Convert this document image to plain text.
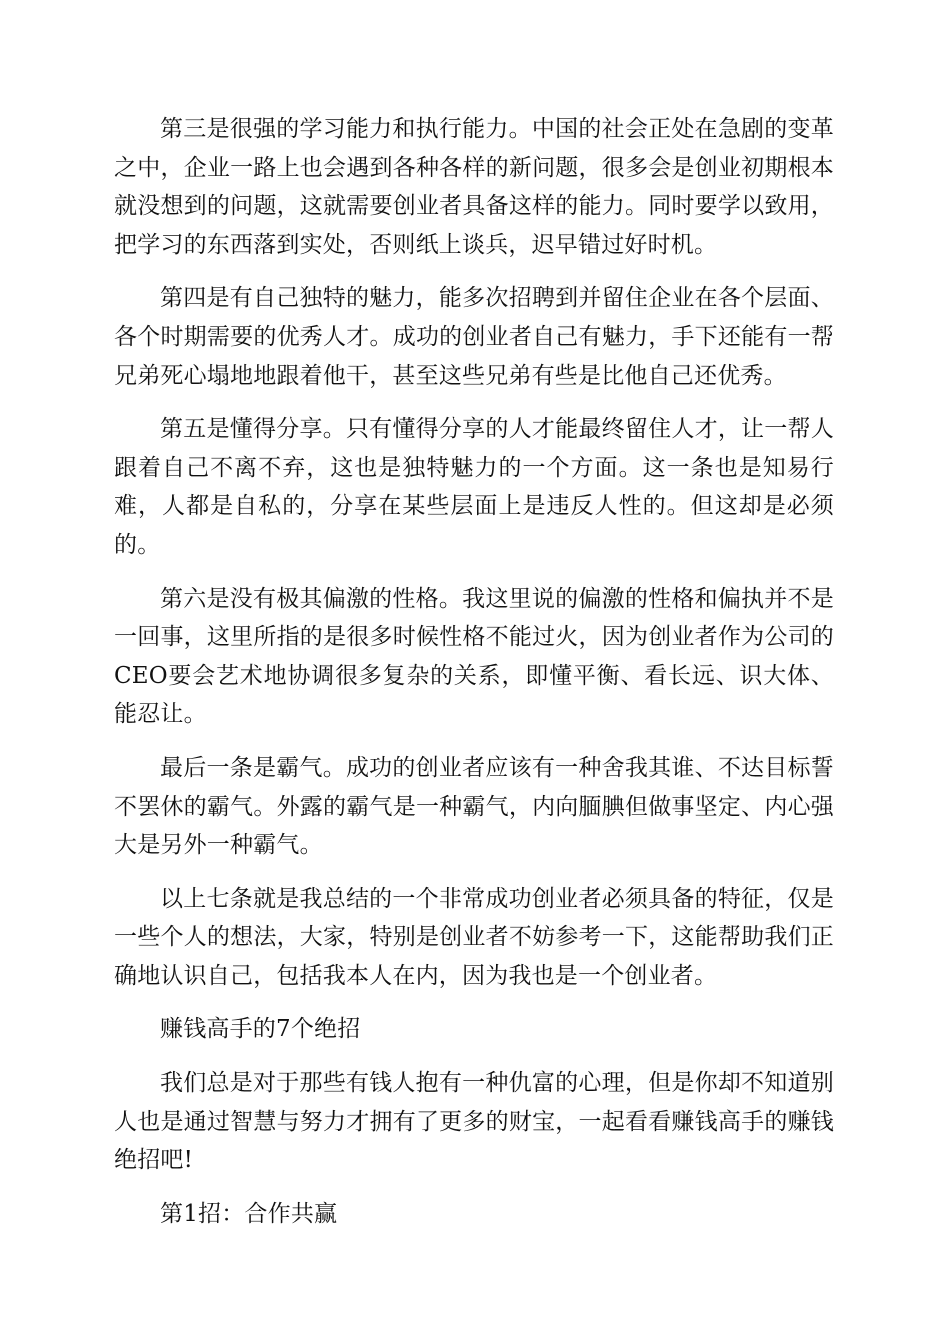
第三是很强的学习能力和执行能力。中国的社会正处在急剧的变革之中，企业一路上也会遇到各种各样的新问题，很多会是创业初期根本就没想到的问题，这就需要创业者具备这样的能力。同时要学以致用，把学习的东西落到实处，否则纸上谈兵，迟早错过好时机。

第四是有自己独特的魅力，能多次招聘到并留住企业在各个层面、各个时期需要的优秀人才。成功的创业者自己有魅力，手下还能有一帮兄弟死心塌地地跟着他干，甚至这些兄弟有些是比他自己还优秀。

第五是懂得分享。只有懂得分享的人才能最终留住人才，让一帮人跟着自己不离不弃，这也是独特魅力的一个方面。这一条也是知易行难，人都是自私的，分享在某些层面上是违反人性的。但这却是必须的。

第六是没有极其偏激的性格。我这里说的偏激的性格和偏执并不是一回事，这里所指的是很多时候性格不能过火，因为创业者作为公司的CEO要会艺术地协调很多复杂的关系，即懂平衡、看长远、识大体、能忍让。

最后一条是霸气。成功的创业者应该有一种舍我其谁、不达目标誓不罢休的霸气。外露的霸气是一种霸气，内向腼腆但做事坚定、内心强大是另外一种霸气。

以上七条就是我总结的一个非常成功创业者必须具备的特征，仅是一些个人的想法，大家，特别是创业者不妨参考一下，这能帮助我们正确地认识自己，包括我本人在内，因为我也是一个创业者。

赚钱高手的7个绝招

我们总是对于那些有钱人抱有一种仇富的心理，但是你却不知道别人也是通过智慧与努力才拥有了更多的财宝，一起看看赚钱高手的赚钱绝招吧!

第1招：合作共赢
